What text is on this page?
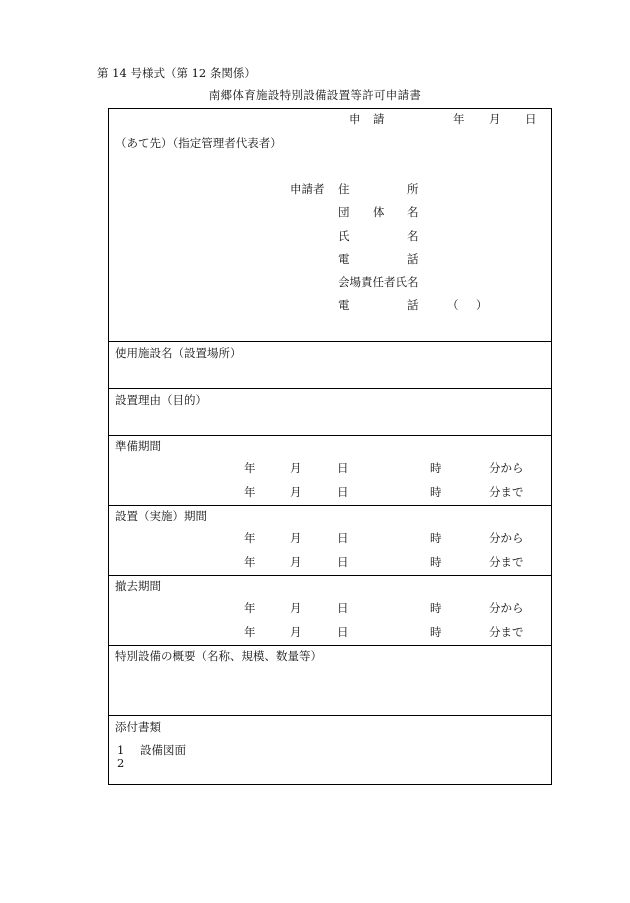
第 14 号様式（第 12 条関係）
南郷体育施設特別設備設置等許可申請書
申 請	年 月 日
（あて先）（指定管理者代表者）
申請者 住	所
団 体 名
氏	名
電	話
会場責任者氏名
電	話 （ ）
使用施設名（設置場所）
設置理由（目的）
準備期間
年	月	日	時	分から
年	月	日	時	分まで
設置（実施）期間
年	月	日	時	分から
年	月	日	時	分まで
撤去期間
年	月	日	時	分から
年	月	日	時	分まで
特別設備の概要（名称、規模、数量等）
添付書類
1 設備図面
2
